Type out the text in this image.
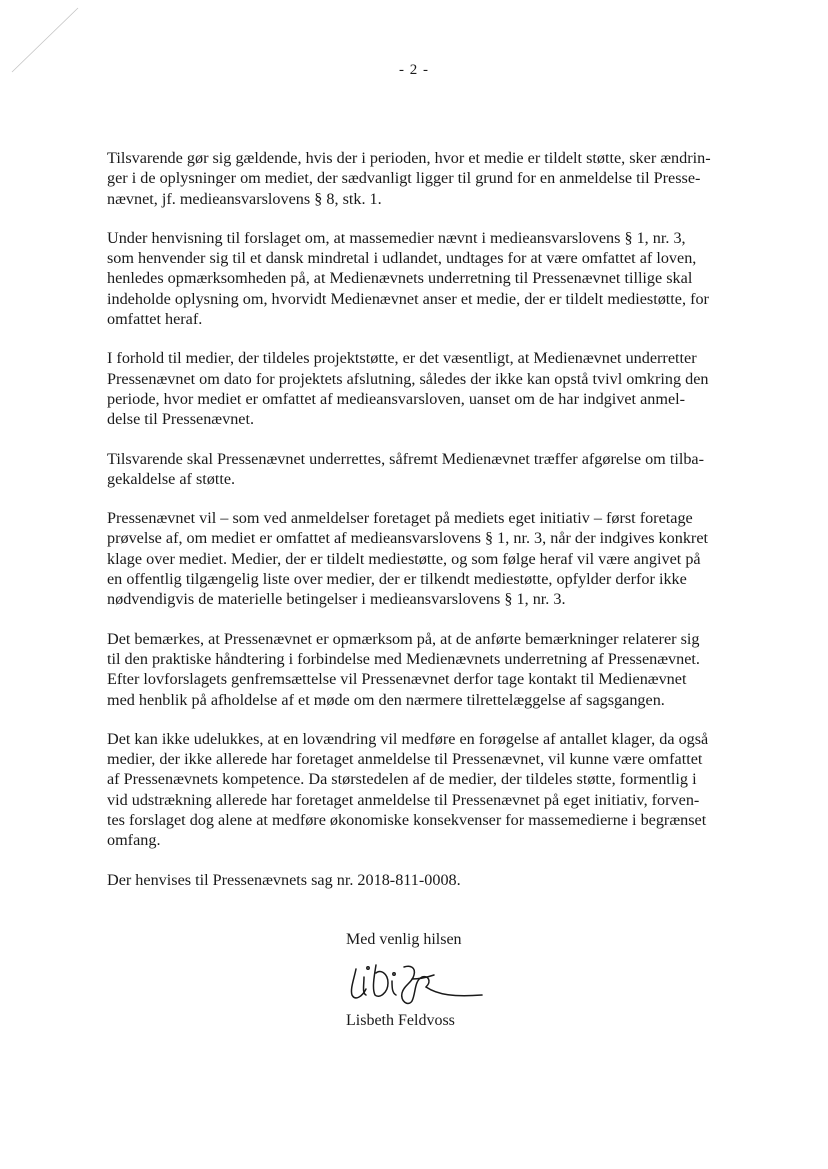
- 2 -

Tilsvarende gør sig gældende, hvis der i perioden, hvor et medie er tildelt støtte, sker ændrin-
ger i de oplysninger om mediet, der sædvanligt ligger til grund for en anmeldelse til Presse-
nævnet, jf. medieansvarslovens § 8, stk. 1.

Under henvisning til forslaget om, at massemedier nævnt i medieansvarslovens § 1, nr. 3,
som henvender sig til et dansk mindretal i udlandet, undtages for at være omfattet af loven,
henledes opmærksomheden på, at Medienævnets underretning til Pressenævnet tillige skal
indeholde oplysning om, hvorvidt Medienævnet anser et medie, der er tildelt mediestøtte, for
omfattet heraf.

I forhold til medier, der tildeles projektstøtte, er det væsentligt, at Medienævnet underretter
Pressenævnet om dato for projektets afslutning, således der ikke kan opstå tvivl omkring den
periode, hvor mediet er omfattet af medieansvarsloven, uanset om de har indgivet anmel-
delse til Pressenævnet.

Tilsvarende skal Pressenævnet underrettes, såfremt Medienævnet træffer afgørelse om tilba-
gekaldelse af støtte.

Pressenævnet vil – som ved anmeldelser foretaget på mediets eget initiativ – først foretage
prøvelse af, om mediet er omfattet af medieansvarslovens § 1, nr. 3, når der indgives konkret
klage over mediet. Medier, der er tildelt mediestøtte, og som følge heraf vil være angivet på
en offentlig tilgængelig liste over medier, der er tilkendt mediestøtte, opfylder derfor ikke
nødvendigvis de materielle betingelser i medieansvarslovens § 1, nr. 3.

Det bemærkes, at Pressenævnet er opmærksom på, at de anførte bemærkninger relaterer sig
til den praktiske håndtering i forbindelse med Medienævnets underretning af Pressenævnet.
Efter lovforslagets genfremsættelse vil Pressenævnet derfor tage kontakt til Medienævnet
med henblik på afholdelse af et møde om den nærmere tilrettelæggelse af sagsgangen.

Det kan ikke udelukkes, at en lovændring vil medføre en forøgelse af antallet klager, da også
medier, der ikke allerede har foretaget anmeldelse til Pressenævnet, vil kunne være omfattet
af Pressenævnets kompetence. Da størstedelen af de medier, der tildeles støtte, formentlig i
vid udstrækning allerede har foretaget anmeldelse til Pressenævnet på eget initiativ, forven-
tes forslaget dog alene at medføre økonomiske konsekvenser for massemedierne i begrænset
omfang.

Der henvises til Pressenævnets sag nr. 2018-811-0008.

Med venlig hilsen
Lisbeth Feldvoss
